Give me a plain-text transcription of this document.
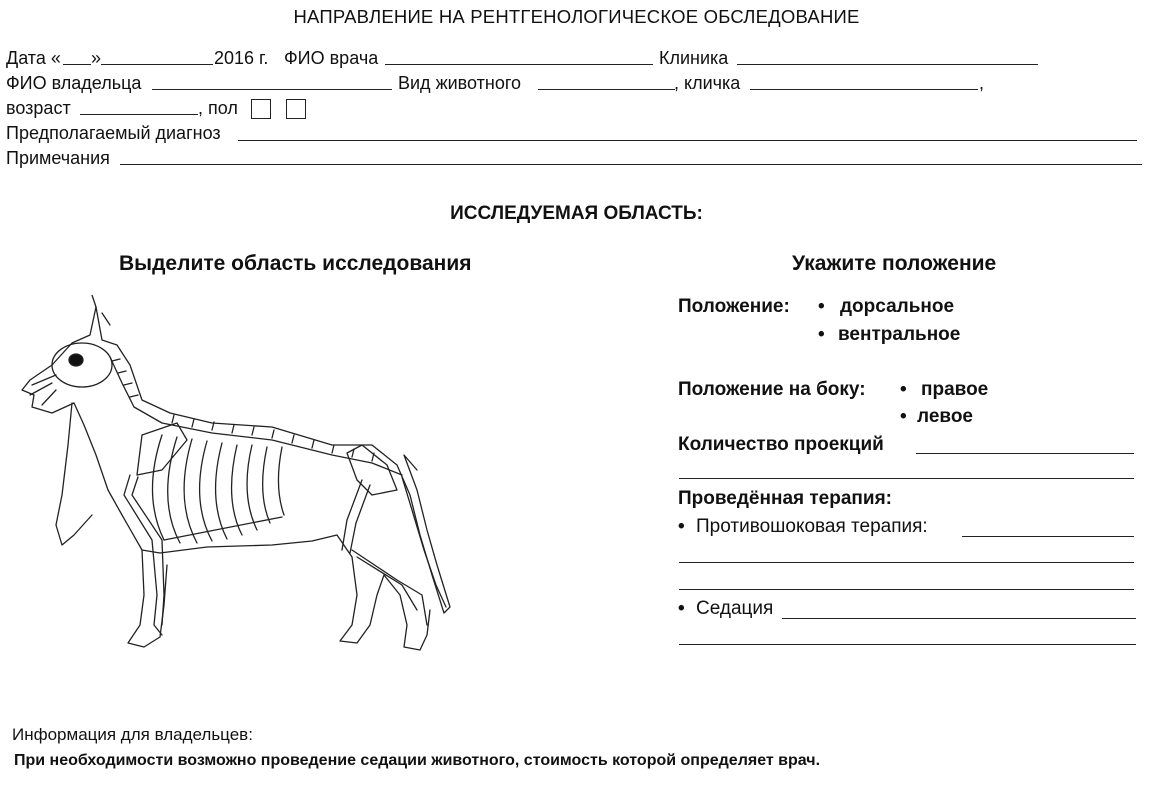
НАПРАВЛЕНИЕ НА РЕНТГЕНОЛОГИЧЕСКОЕ ОБСЛЕДОВАНИЕ
Дата « »	2016 г. ФИО врача	Клиника
ФИО владельца	Вид животного	, кличка	,
возраст	, пол
Предполагаемый диагноз
Примечания
ИССЛЕДУЕМАЯ ОБЛАСТЬ:
Выделите область исследования	Укажите положение
Положение: • дорсальное
• вентральное
Положение на боку: • правое
• левое
Количество проекций
Проведённая терапия:
• Противошоковая терапия:
• Седация
Информация для владельцев:
При необходимости возможно проведение седации животного, стоимость которой определяет врач.
